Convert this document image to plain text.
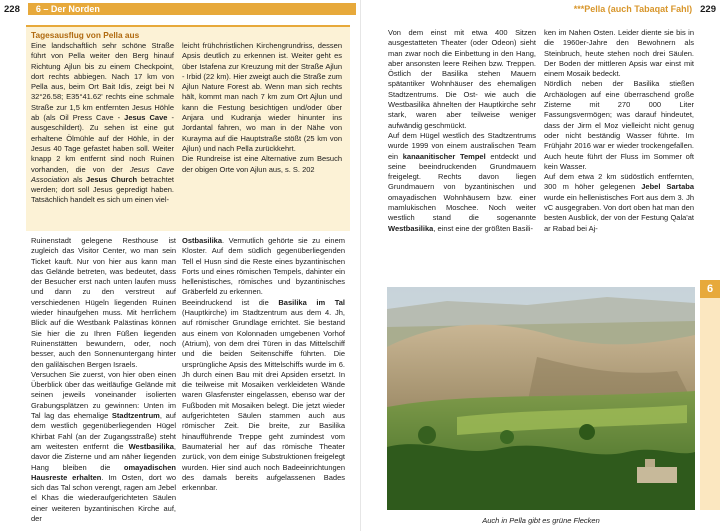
228	6 – Der Norden	***Pella (auch Tabaqat Fahl) 229
Tagesausflug von Pella aus

Eine landschaftlich sehr schöne Straße führt von Pella weiter den Berg hinauf Richtung Ajlun bis zu einem Checkpoint, dort rechts abbiegen. Nach 17 km von Pella aus, beim Ort Bait Idis, zeigt bei N 32°26.58; E35°41.62' rechts eine schmale Straße zur 1,5 km entfernten Jesus Höhle ab (als Oil Press Cave - Jesus Cave - ausgeschildert). Zu sehen ist eine gut erhaltene Ölmühle auf der Höhle, in der Jesus 40 Tage gefastet haben soll. Weiter knapp 2 km entfernt sind noch Ruinen vorhanden, die von der Jesus Cave Association als Jesus Church betrachtet werden; dort soll Jesus gepredigt haben. Tatsächlich handelt es sich um einen viel-

leicht frühchristlichen Kirchengrundriss, dessen Apsis deutlich zu erkennen ist. Weiter geht es über Istafena zur Kreuzung mit der Straße Ajlun - Irbid (22 km). Hier zweigt auch die Straße zum Ajlun Nature Forest ab. Wenn man sich rechts hält, kommt man nach 7 km zum Ort Ajlun und kann die Festung besichtigen und/oder über Anjara und Kudranja wieder hinunter ins Jordantal fahren, wo man in der Nähe von Kurayma auf die Hauptstraße stößt (25 km von Ajlun) und nach Pella zurückkehrt.

Die Rundreise ist eine Alternative zum Besuch der obigen Orte von Ajlun aus, s. S. 202

Ruinenstadt gelegene Resthouse ist zugleich das Visitor Center, wo man sein Ticket kauft. Nur von hier aus kann man das Gelände betreten, was bedeutet, dass der Besucher erst nach unten laufen muss und dann zu den verstreut auf verschiedenen Hügeln liegenden Ruinen wieder hinaufgehen muss. Mit herrlichem Blick auf die Westbank Palästinas können Sie hier die zu Ihren Füßen liegenden Ruinenstätten bewundern, oder, noch besser, auch den Sonnenuntergang hinter den galiläischen Bergen Israels.

Versuchen Sie zuerst, von hier oben einen Überblick über das weitläufige Gelände mit seinen jeweils voneinander isolierten Grabungsplätzen zu gewinnen: Unten im Tal lag das ehemalige Stadtzentrum, auf dem westlich gegenüberliegenden Hügel Khirbat Fahl (an der Zugangsstraße) steht am weitesten entfernt die Westbasilika, davor die Zisterne und am näher liegenden Hang bleiben die omayadischen Hausreste erhalten. Im Osten, dort wo sich das Tal schon verengt, ragen am Jebel el Khas die wiederaufgerichteten Säulen einer weiteren byzantinischen Kirche auf, der

Ostbasilika. Vermutlich gehörte sie zu einem Kloster. Auf dem südlich gegenüberliegenden Tell el Husn sind die Reste eines byzantinischen Forts und eines römischen Tempels, dahinter ein hellenistisches, römisches und byzantinisches Gräberfeld zu erkennen.

Beeindruckend ist die Basilika im Tal (Hauptkirche) im Stadtzentrum aus dem 4. Jh, auf römischer Grundlage errichtet. Sie bestand aus einem von Kolonnaden umgebenen Vorhof (Atrium), von dem drei Türen in das Mittelschiff und die beiden Seitenschiffe führten. Die ursprüngliche Apsis des Mittelschiffs wurde im 6. Jh durch einen Bau mit drei Apsiden ersetzt. In die teilweise mit Mosaiken verkleideten Wände waren Glasfenster eingelassen, ebenso war der Fußboden mit Mosaiken belegt. Die jetzt wieder aufgerichteten Säulen stammen auch aus römischer Zeit. Die breite, zur Basilika hinaufführende Treppe geht zumindest vom Baumaterial her auf das römische Theater zurück, von dem einige Substruktionen freigelegt wurden. Hier sind auch noch Badeeinrichtungen des damals bereits aufgelassenen Bades erkennbar.

Von dem einst mit etwa 400 Sitzen ausgestatteten Theater (oder Odeon) sieht man zwar noch die Einbettung in den Hang, aber ansonsten leere Reihen bzw. Treppen. Östlich der Basilika stehen Mauern spätantiker Wohnhäuser des ehemaligen Stadtzentrums. Die Ost- wie auch die Westbasilika ähnelten der Hauptkirche sehr stark, waren aber teilweise weniger aufwändig geschmückt.

Auf dem Hügel westlich des Stadtzentrums wurde 1999 von einem australischen Team ein kanaanitischer Tempel entdeckt und seine beeindruckenden Grundmauern freigelegt. Rechts davon liegen Grundmauern von byzantinischen und omayadischen Wohnhäusern bzw. einer mamlukischen Moschee. Noch weiter westlich stand die sogenannte Westbasilika, einst eine der größten Basili-

ken im Nahen Osten. Leider diente sie bis in die 1960er-Jahre den Bewohnern als Steinbruch, heute stehen noch drei Säulen. Der Boden der mittleren Apsis war einst mit einem Mosaik bedeckt.

Nördlich neben der Basilika stießen Archäologen auf eine überraschend große Zisterne mit 270 000 Liter Fassungsvermögen; was darauf hindeutet, dass der Jirm el Moz vielleicht nicht genug oder nicht beständig Wasser führte. Im Frühjahr 2016 war er wieder trockengefallen. Auch heute führt der Fluss im Sommer oft kein Wasser.

Auf dem etwa 2 km südöstlich entfernten, 300 m höher gelegenen Jebel Sartaba wurde ein hellenistisches Fort aus dem 3. Jh vC ausgegraben. Von dort oben hat man den besten Ausblick, der von der Festung Qala'at ar Rabad bei Aj-

Auch in Pella gibt es grüne Flecken
6
